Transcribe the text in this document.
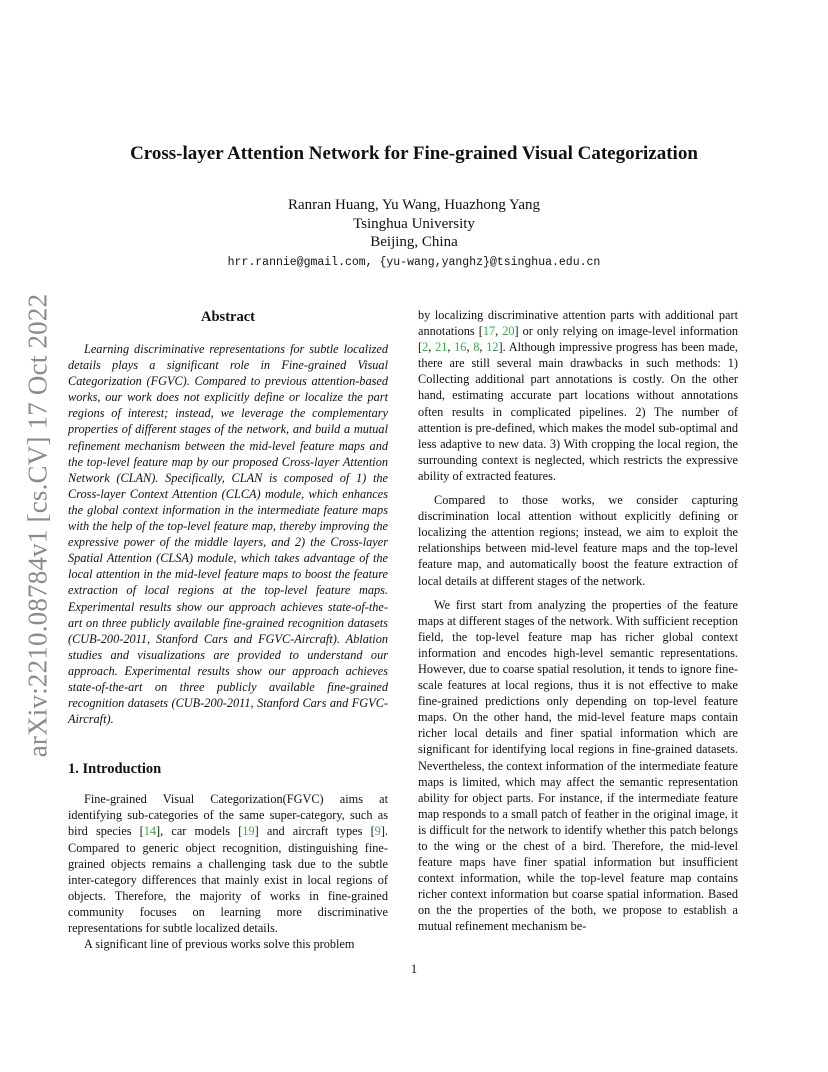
arXiv:2210.08784v1 [cs.CV] 17 Oct 2022
Cross-layer Attention Network for Fine-grained Visual Categorization
Ranran Huang, Yu Wang, Huazhong Yang
Tsinghua University
Beijing, China
hrr.rannie@gmail.com, {yu-wang,yanghz}@tsinghua.edu.cn
Abstract

Learning discriminative representations for subtle localized details plays a significant role in Fine-grained Visual Categorization (FGVC). Compared to previous attention-based works, our work does not explicitly define or localize the part regions of interest; instead, we leverage the complementary properties of different stages of the network, and build a mutual refinement mechanism between the mid-level feature maps and the top-level feature map by our proposed Cross-layer Attention Network (CLAN). Specifically, CLAN is composed of 1) the Cross-layer Context Attention (CLCA) module, which enhances the global context information in the intermediate feature maps with the help of the top-level feature map, thereby improving the expressive power of the middle layers, and 2) the Cross-layer Spatial Attention (CLSA) module, which takes advantage of the local attention in the mid-level feature maps to boost the feature extraction of local regions at the top-level feature maps. Experimental results show our approach achieves state-of-the-art on three publicly available fine-grained recognition datasets (CUB-200-2011, Stanford Cars and FGVC-Aircraft). Ablation studies and visualizations are provided to understand our approach. Experimental results show our approach achieves state-of-the-art on three publicly available fine-grained recognition datasets (CUB-200-2011, Stanford Cars and FGVC-Aircraft).

1. Introduction

Fine-grained Visual Categorization(FGVC) aims at identifying sub-categories of the same super-category, such as bird species [14], car models [19] and aircraft types [9]. Compared to generic object recognition, distinguishing fine-grained objects remains a challenging task due to the subtle inter-category differences that mainly exist in local regions of objects. Therefore, the majority of works in fine-grained community focuses on learning more discriminative representations for subtle localized details.

A significant line of previous works solve this problem

by localizing discriminative attention parts with additional part annotations [17, 20] or only relying on image-level information [2, 21, 16, 8, 12]. Although impressive progress has been made, there are still several main drawbacks in such methods: 1) Collecting additional part annotations is costly. On the other hand, estimating accurate part locations without annotations often results in complicated pipelines. 2) The number of attention is pre-defined, which makes the model sub-optimal and less adaptive to new data. 3) With cropping the local region, the surrounding context is neglected, which restricts the expressive ability of extracted features.

Compared to those works, we consider capturing discrimination local attention without explicitly defining or localizing the attention regions; instead, we aim to exploit the relationships between mid-level feature maps and the top-level feature map, and automatically boost the feature extraction of local details at different stages of the network.

We first start from analyzing the properties of the feature maps at different stages of the network. With sufficient reception field, the top-level feature map has richer global context information and encodes high-level semantic representations. However, due to coarse spatial resolution, it tends to ignore fine-scale features at local regions, thus it is not effective to make fine-grained predictions only depending on top-level feature maps. On the other hand, the mid-level feature maps contain richer local details and finer spatial information which are significant for identifying local regions in fine-grained datasets. Nevertheless, the context information of the intermediate feature maps is limited, which may affect the semantic representation ability for object parts. For instance, if the intermediate feature map responds to a small patch of feather in the original image, it is difficult for the network to identify whether this patch belongs to the wing or the chest of a bird. Therefore, the mid-level feature maps have finer spatial information but insufficient context information, while the top-level feature map contains richer context information but coarse spatial information. Based on the the properties of the both, we propose to establish a mutual refinement mechanism be-

1
